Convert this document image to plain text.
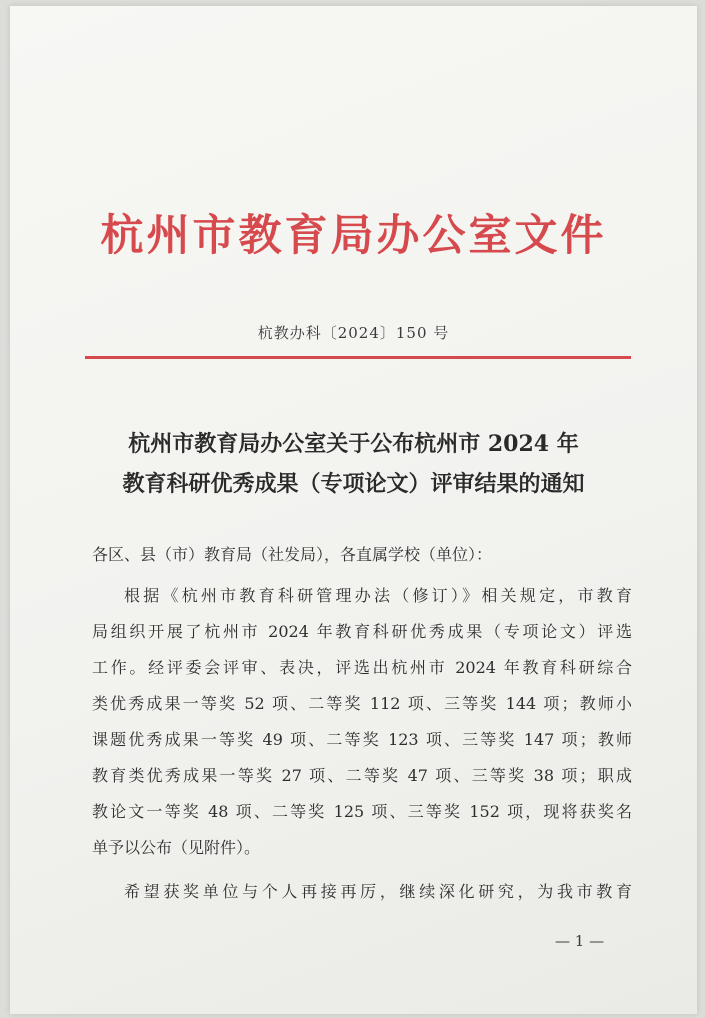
杭州市教育局办公室文件
杭教办科〔2024〕150 号
杭州市教育局办公室关于公布杭州市 2024 年
教育科研优秀成果（专项论文）评审结果的通知
各区、县（市）教育局（社发局），各直属学校（单位）：
根据《杭州市教育科研管理办法（修订）》相关规定，市教育
局组织开展了杭州市 2024 年教育科研优秀成果（专项论文）评选
工作。经评委会评审、表决，评选出杭州市 2024 年教育科研综合
类优秀成果一等奖 52 项、二等奖 112 项、三等奖 144 项；教师小
课题优秀成果一等奖 49 项、二等奖 123 项、三等奖 147 项；教师
教育类优秀成果一等奖 27 项、二等奖 47 项、三等奖 38 项；职成
教论文一等奖 48 项、二等奖 125 项、三等奖 152 项，现将获奖名
单予以公布（见附件）。
希望获奖单位与个人再接再厉，继续深化研究，为我市教育
— 1 —
